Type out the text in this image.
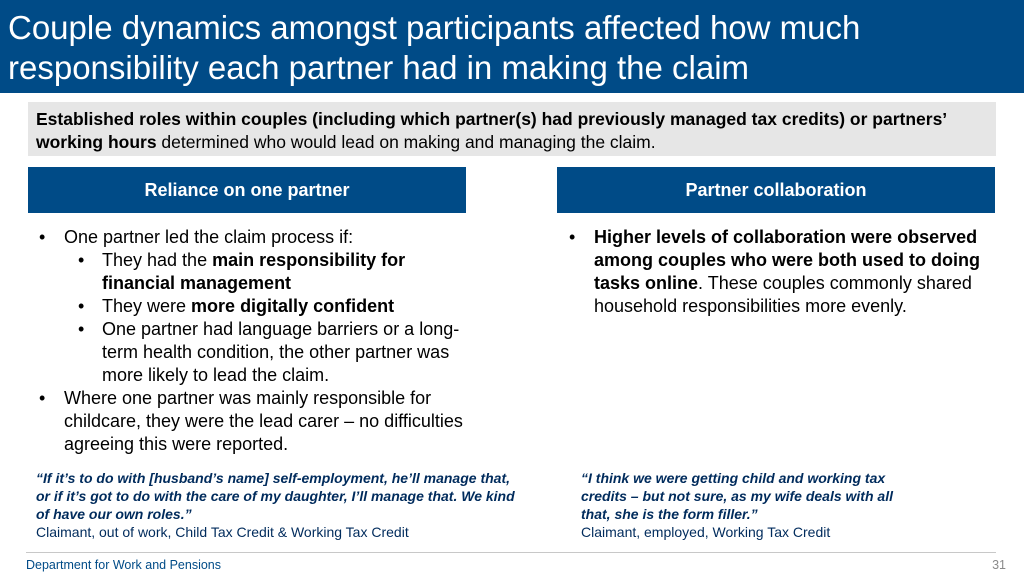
Couple dynamics amongst participants affected how much responsibility each partner had in making the claim
Established roles within couples (including which partner(s) had previously managed tax credits) or partners’ working hours determined who would lead on making and managing the claim.
Reliance on one partner	Partner collaboration
• One partner led the claim process if:
• They had the main responsibility for financial management
• They were more digitally confident
• One partner had language barriers or a long-term health condition, the other partner was more likely to lead the claim.
• Where one partner was mainly responsible for childcare, they were the lead carer – no difficulties agreeing this were reported.
• Higher levels of collaboration were observed among couples who were both used to doing tasks online. These couples commonly shared household responsibilities more evenly.
“If it’s to do with [husband’s name] self-employment, he’ll manage that, or if it’s got to do with the care of my daughter, I’ll manage that. We kind of have our own roles.”
Claimant, out of work, Child Tax Credit & Working Tax Credit
“I think we were getting child and working tax credits – but not sure, as my wife deals with all that, she is the form filler.”
Claimant, employed, Working Tax Credit
Department for Work and Pensions	31
